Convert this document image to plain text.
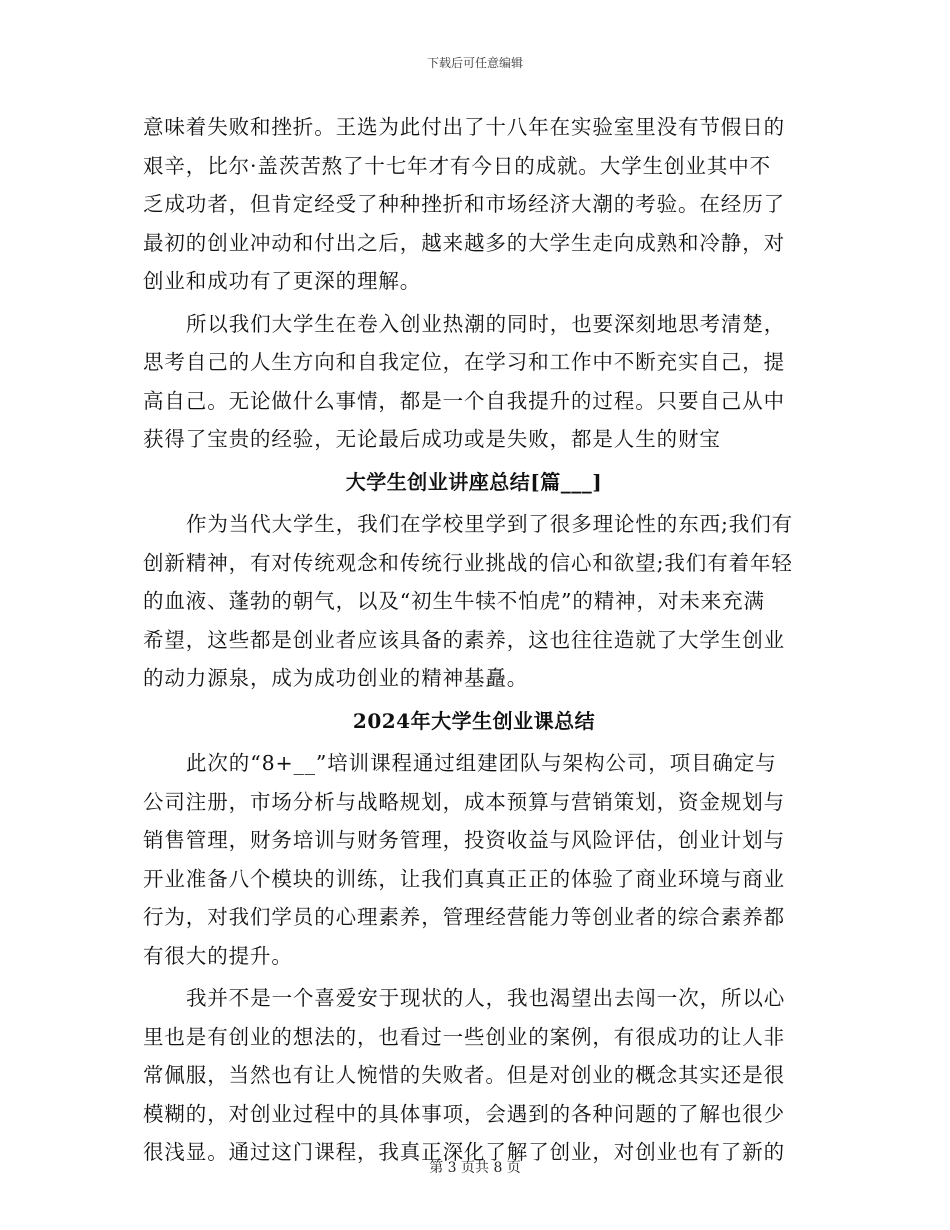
下载后可任意编辑
意味着失败和挫折。王选为此付出了十八年在实验室里没有节假日的
艰辛，比尔·盖茨苦熬了十七年才有今日的成就。大学生创业其中不
乏成功者，但肯定经受了种种挫折和市场经济大潮的考验。在经历了
最初的创业冲动和付出之后，越来越多的大学生走向成熟和冷静，对
创业和成功有了更深的理解。
所以我们大学生在卷入创业热潮的同时，也要深刻地思考清楚，
思考自己的人生方向和自我定位，在学习和工作中不断充实自己，提
高自己。无论做什么事情，都是一个自我提升的过程。只要自己从中
获得了宝贵的经验，无论最后成功或是失败，都是人生的财宝
大学生创业讲座总结[篇___]
作为当代大学生，我们在学校里学到了很多理论性的东西;我们有
创新精神，有对传统观念和传统行业挑战的信心和欲望;我们有着年轻
的血液、蓬勃的朝气，以及“初生牛犊不怕虎”的精神，对未来充满
希望，这些都是创业者应该具备的素养，这也往往造就了大学生创业
的动力源泉，成为成功创业的精神基矗。
2024年大学生创业课总结
此次的“8+__”培训课程通过组建团队与架构公司，项目确定与
公司注册，市场分析与战略规划，成本预算与营销策划，资金规划与
销售管理，财务培训与财务管理，投资收益与风险评估，创业计划与
开业准备八个模块的训练，让我们真真正正的体验了商业环境与商业
行为，对我们学员的心理素养，管理经营能力等创业者的综合素养都
有很大的提升。
我并不是一个喜爱安于现状的人，我也渴望出去闯一次，所以心
里也是有创业的想法的，也看过一些创业的案例，有很成功的让人非
常佩服，当然也有让人惋惜的失败者。但是对创业的概念其实还是很
模糊的，对创业过程中的具体事项，会遇到的各种问题的了解也很少
很浅显。通过这门课程，我真正深化了解了创业，对创业也有了新的
第 3 页共 8 页
